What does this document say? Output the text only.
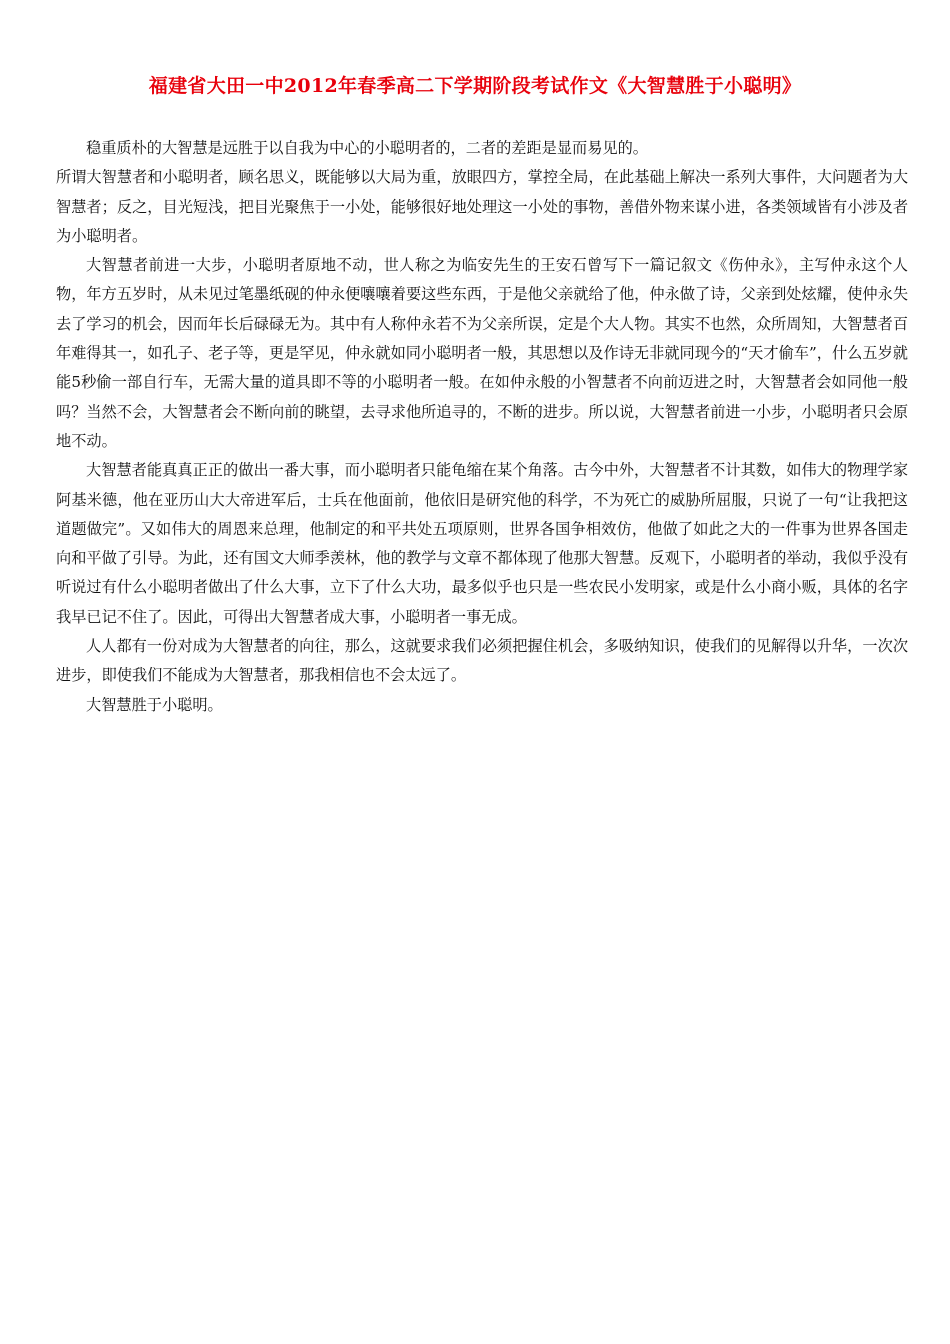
福建省大田一中2012年春季高二下学期阶段考试作文《大智慧胜于小聪明》

稳重质朴的大智慧是远胜于以自我为中心的小聪明者的，二者的差距是显而易见的。

所谓大智慧者和小聪明者，顾名思义，既能够以大局为重，放眼四方，掌控全局，在此基础上解决一系列大事件，大问题者为大智慧者；反之，目光短浅，把目光聚焦于一小处，能够很好地处理这一小处的事物，善借外物来谋小进，各类领域皆有小涉及者为小聪明者。

大智慧者前进一大步，小聪明者原地不动，世人称之为临安先生的王安石曾写下一篇记叙文《伤仲永》，主写仲永这个人物，年方五岁时，从未见过笔墨纸砚的仲永便嚷嚷着要这些东西，于是他父亲就给了他，仲永做了诗，父亲到处炫耀，使仲永失去了学习的机会，因而年长后碌碌无为。其中有人称仲永若不为父亲所误，定是个大人物。其实不也然，众所周知，大智慧者百年难得其一，如孔子、老子等，更是罕见，仲永就如同小聪明者一般，其思想以及作诗无非就同现今的“天才偷车”，什么五岁就能5秒偷一部自行车，无需大量的道具即不等的小聪明者一般。在如仲永般的小智慧者不向前迈进之时，大智慧者会如同他一般吗？当然不会，大智慧者会不断向前的眺望，去寻求他所追寻的，不断的进步。所以说，大智慧者前进一小步，小聪明者只会原地不动。

大智慧者能真真正正的做出一番大事，而小聪明者只能龟缩在某个角落。古今中外，大智慧者不计其数，如伟大的物理学家阿基米德，他在亚历山大大帝进军后，士兵在他面前，他依旧是研究他的科学，不为死亡的威胁所屈服，只说了一句“让我把这道题做完”。又如伟大的周恩来总理，他制定的和平共处五项原则，世界各国争相效仿，他做了如此之大的一件事为世界各国走向和平做了引导。为此，还有国文大师季羡林，他的教学与文章不都体现了他那大智慧。反观下，小聪明者的举动，我似乎没有听说过有什么小聪明者做出了什么大事，立下了什么大功，最多似乎也只是一些农民小发明家，或是什么小商小贩，具体的名字我早已记不住了。因此，可得出大智慧者成大事，小聪明者一事无成。

人人都有一份对成为大智慧者的向往，那么，这就要求我们必须把握住机会，多吸纳知识，使我们的见解得以升华，一次次进步，即使我们不能成为大智慧者，那我相信也不会太远了。

大智慧胜于小聪明。
